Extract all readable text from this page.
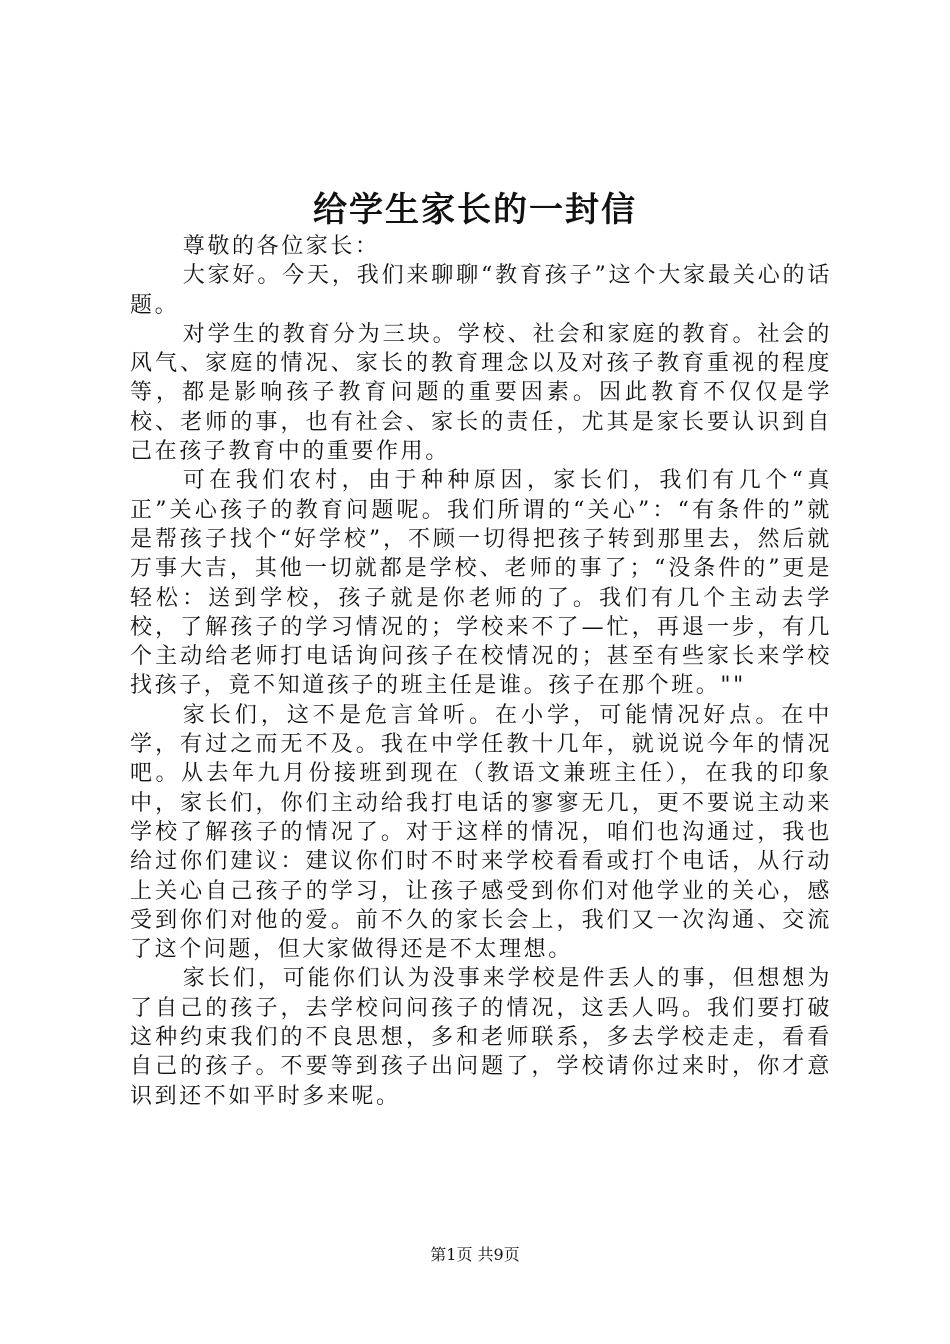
给学生家长的一封信

尊敬的各位家长：

大家好。今天，我们来聊聊“教育孩子”这个大家最关心的话题。

对学生的教育分为三块。学校、社会和家庭的教育。社会的风气、家庭的情况、家长的教育理念以及对孩子教育重视的程度等，都是影响孩子教育问题的重要因素。因此教育不仅仅是学校、老师的事，也有社会、家长的责任，尤其是家长要认识到自己在孩子教育中的重要作用。

可在我们农村，由于种种原因，家长们，我们有几个“真正”关心孩子的教育问题呢。我们所谓的“关心”：“有条件的”就是帮孩子找个“好学校”，不顾一切得把孩子转到那里去，然后就万事大吉，其他一切就都是学校、老师的事了；“没条件的”更是轻松：送到学校，孩子就是你老师的了。我们有几个主动去学校，了解孩子的学习情况的；学校来不了—忙，再退一步，有几个主动给老师打电话询问孩子在校情况的；甚至有些家长来学校找孩子，竟不知道孩子的班主任是谁。孩子在那个班。""

家长们，这不是危言耸听。在小学，可能情况好点。在中学，有过之而无不及。我在中学任教十几年，就说说今年的情况吧。从去年九月份接班到现在（教语文兼班主任），在我的印象中，家长们，你们主动给我打电话的寥寥无几，更不要说主动来学校了解孩子的情况了。对于这样的情况，咱们也沟通过，我也给过你们建议：建议你们时不时来学校看看或打个电话，从行动上关心自己孩子的学习，让孩子感受到你们对他学业的关心，感受到你们对他的爱。前不久的家长会上，我们又一次沟通、交流了这个问题，但大家做得还是不太理想。

家长们，可能你们认为没事来学校是件丢人的事，但想想为了自己的孩子，去学校问问孩子的情况，这丢人吗。我们要打破这种约束我们的不良思想，多和老师联系，多去学校走走，看看自己的孩子。不要等到孩子出问题了，学校请你过来时，你才意识到还不如平时多来呢。

第1页 共9页
